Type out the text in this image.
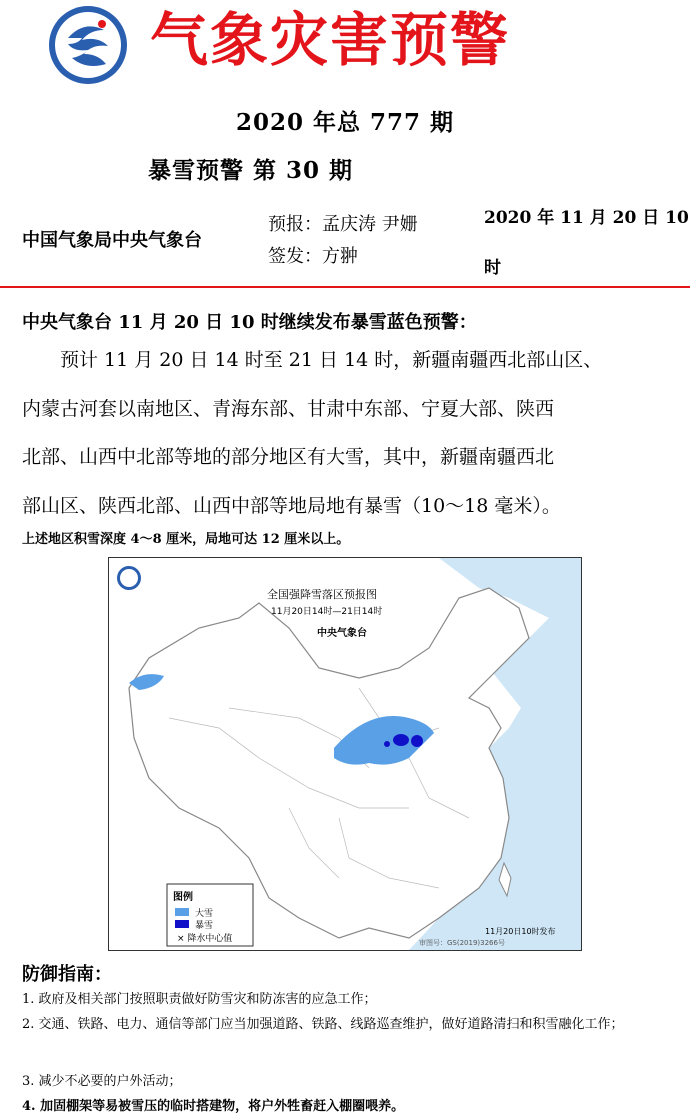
气象灾害预警
2020 年总 777 期
暴雪预警 第 30 期
中国气象局中央气象台
预报：孟庆涛 尹姗
签发：方翀
2020 年 11 月 20 日 10
时
中央气象台 11 月 20 日 10 时继续发布暴雪蓝色预警：

　　预计 11 月 20 日 14 时至 21 日 14 时，新疆南疆西北部山区、

内蒙古河套以南地区、青海东部、甘肃中东部、宁夏大部、陕西

北部、山西中北部等地的部分地区有大雪，其中，新疆南疆西北

部山区、陕西北部、山西中部等地局地有暴雪（10～18 毫米）。

上述地区积雪深度 4～8 厘米，局地可达 12 厘米以上。
全国强降雪落区预报图
11月20日14时—21日14时
中央气象台
图例
大雪
暴雪
× 降水中心值
11月20日10时发布
审图号：GS(2019)3266号
防御指南：
1. 政府及相关部门按照职责做好防雪灾和防冻害的应急工作；
2. 交通、铁路、电力、通信等部门应当加强道路、铁路、线路巡查维护，做好道路清扫和积雪融化工作；
3. 减少不必要的户外活动；
4. 加固棚架等易被雪压的临时搭建物，将户外牲畜赶入棚圈喂养。
